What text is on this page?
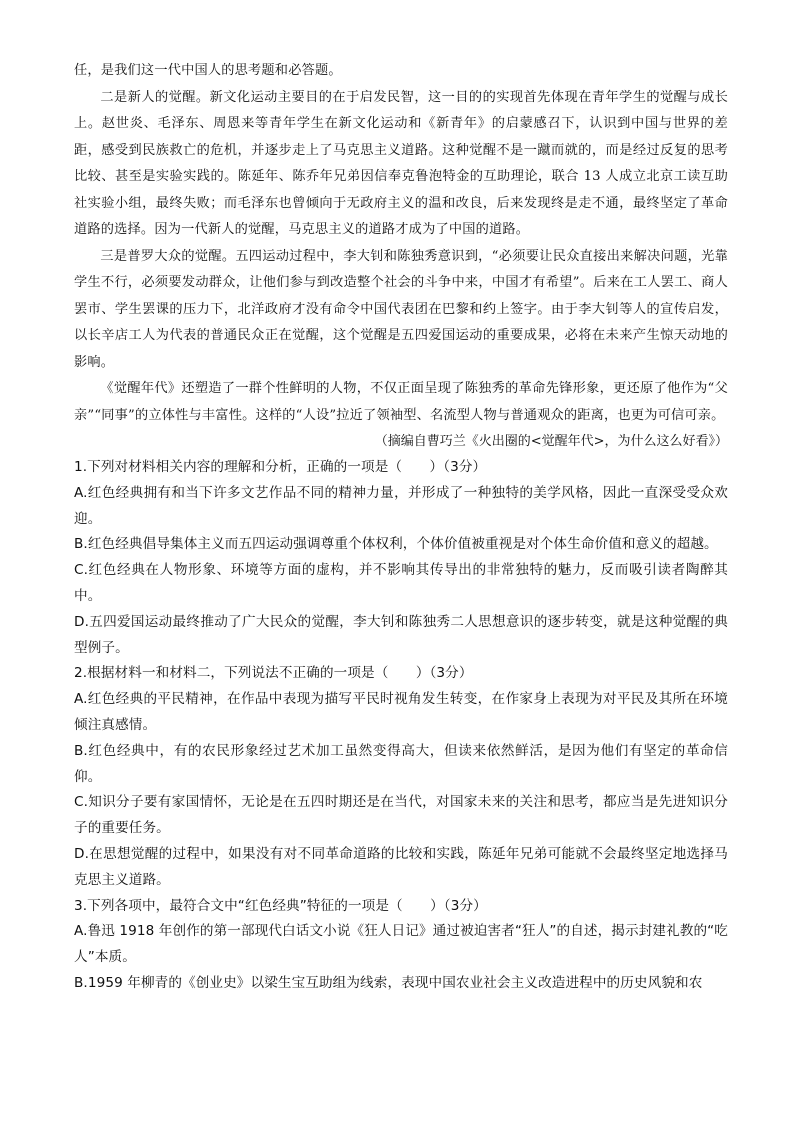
任，是我们这一代中国人的思考题和必答题。

二是新人的觉醒。新文化运动主要目的在于启发民智，这一目的的实现首先体现在青年学生的觉醒与成长上。赵世炎、毛泽东、周恩来等青年学生在新文化运动和《新青年》的启蒙感召下，认识到中国与世界的差距，感受到民族救亡的危机，并逐步走上了马克思主义道路。这种觉醒不是一蹴而就的，而是经过反复的思考比较、甚至是实验实践的。陈延年、陈乔年兄弟因信奉克鲁泡特金的互助理论，联合 13 人成立北京工读互助社实验小组，最终失败；而毛泽东也曾倾向于无政府主义的温和改良，后来发现终是走不通，最终坚定了革命道路的选择。因为一代新人的觉醒，马克思主义的道路才成为了中国的道路。

三是普罗大众的觉醒。五四运动过程中，李大钊和陈独秀意识到，“必须要让民众直接出来解决问题，光靠学生不行，必须要发动群众，让他们参与到改造整个社会的斗争中来，中国才有希望”。后来在工人罢工、商人罢市、学生罢课的压力下，北洋政府才没有命令中国代表团在巴黎和约上签字。由于李大钊等人的宣传启发，以长辛店工人为代表的普通民众正在觉醒，这个觉醒是五四爱国运动的重要成果，必将在未来产生惊天动地的影响。

《觉醒年代》还塑造了一群个性鲜明的人物，不仅正面呈现了陈独秀的革命先锋形象，更还原了他作为“父亲”“同事”的立体性与丰富性。这样的“人设”拉近了领袖型、名流型人物与普通观众的距离，也更为可信可亲。

（摘编自曹巧兰《火出圈的<觉醒年代>，为什么这么好看》）

1.下列对材料相关内容的理解和分析，正确的一项是（　　）（3分）

A.红色经典拥有和当下许多文艺作品不同的精神力量，并形成了一种独特的美学风格，因此一直深受受众欢迎。

B.红色经典倡导集体主义而五四运动强调尊重个体权利，个体价值被重视是对个体生命价值和意义的超越。

C.红色经典在人物形象、环境等方面的虚构，并不影响其传导出的非常独特的魅力，反而吸引读者陶醉其中。

D.五四爱国运动最终推动了广大民众的觉醒，李大钊和陈独秀二人思想意识的逐步转变，就是这种觉醒的典型例子。

2.根据材料一和材料二，下列说法不正确的一项是（　　）（3分）

A.红色经典的平民精神，在作品中表现为描写平民时视角发生转变，在作家身上表现为对平民及其所在环境倾注真感情。

B.红色经典中，有的农民形象经过艺术加工虽然变得高大，但读来依然鲜活，是因为他们有坚定的革命信仰。

C.知识分子要有家国情怀，无论是在五四时期还是在当代，对国家未来的关注和思考，都应当是先进知识分子的重要任务。

D.在思想觉醒的过程中，如果没有对不同革命道路的比较和实践，陈延年兄弟可能就不会最终坚定地选择马克思主义道路。

3.下列各项中，最符合文中“红色经典”特征的一项是（　　）（3分）

A.鲁迅 1918 年创作的第一部现代白话文小说《狂人日记》通过被迫害者“狂人”的自述，揭示封建礼教的“吃人”本质。

B.1959 年柳青的《创业史》以梁生宝互助组为线索，表现中国农业社会主义改造进程中的历史风貌和农
